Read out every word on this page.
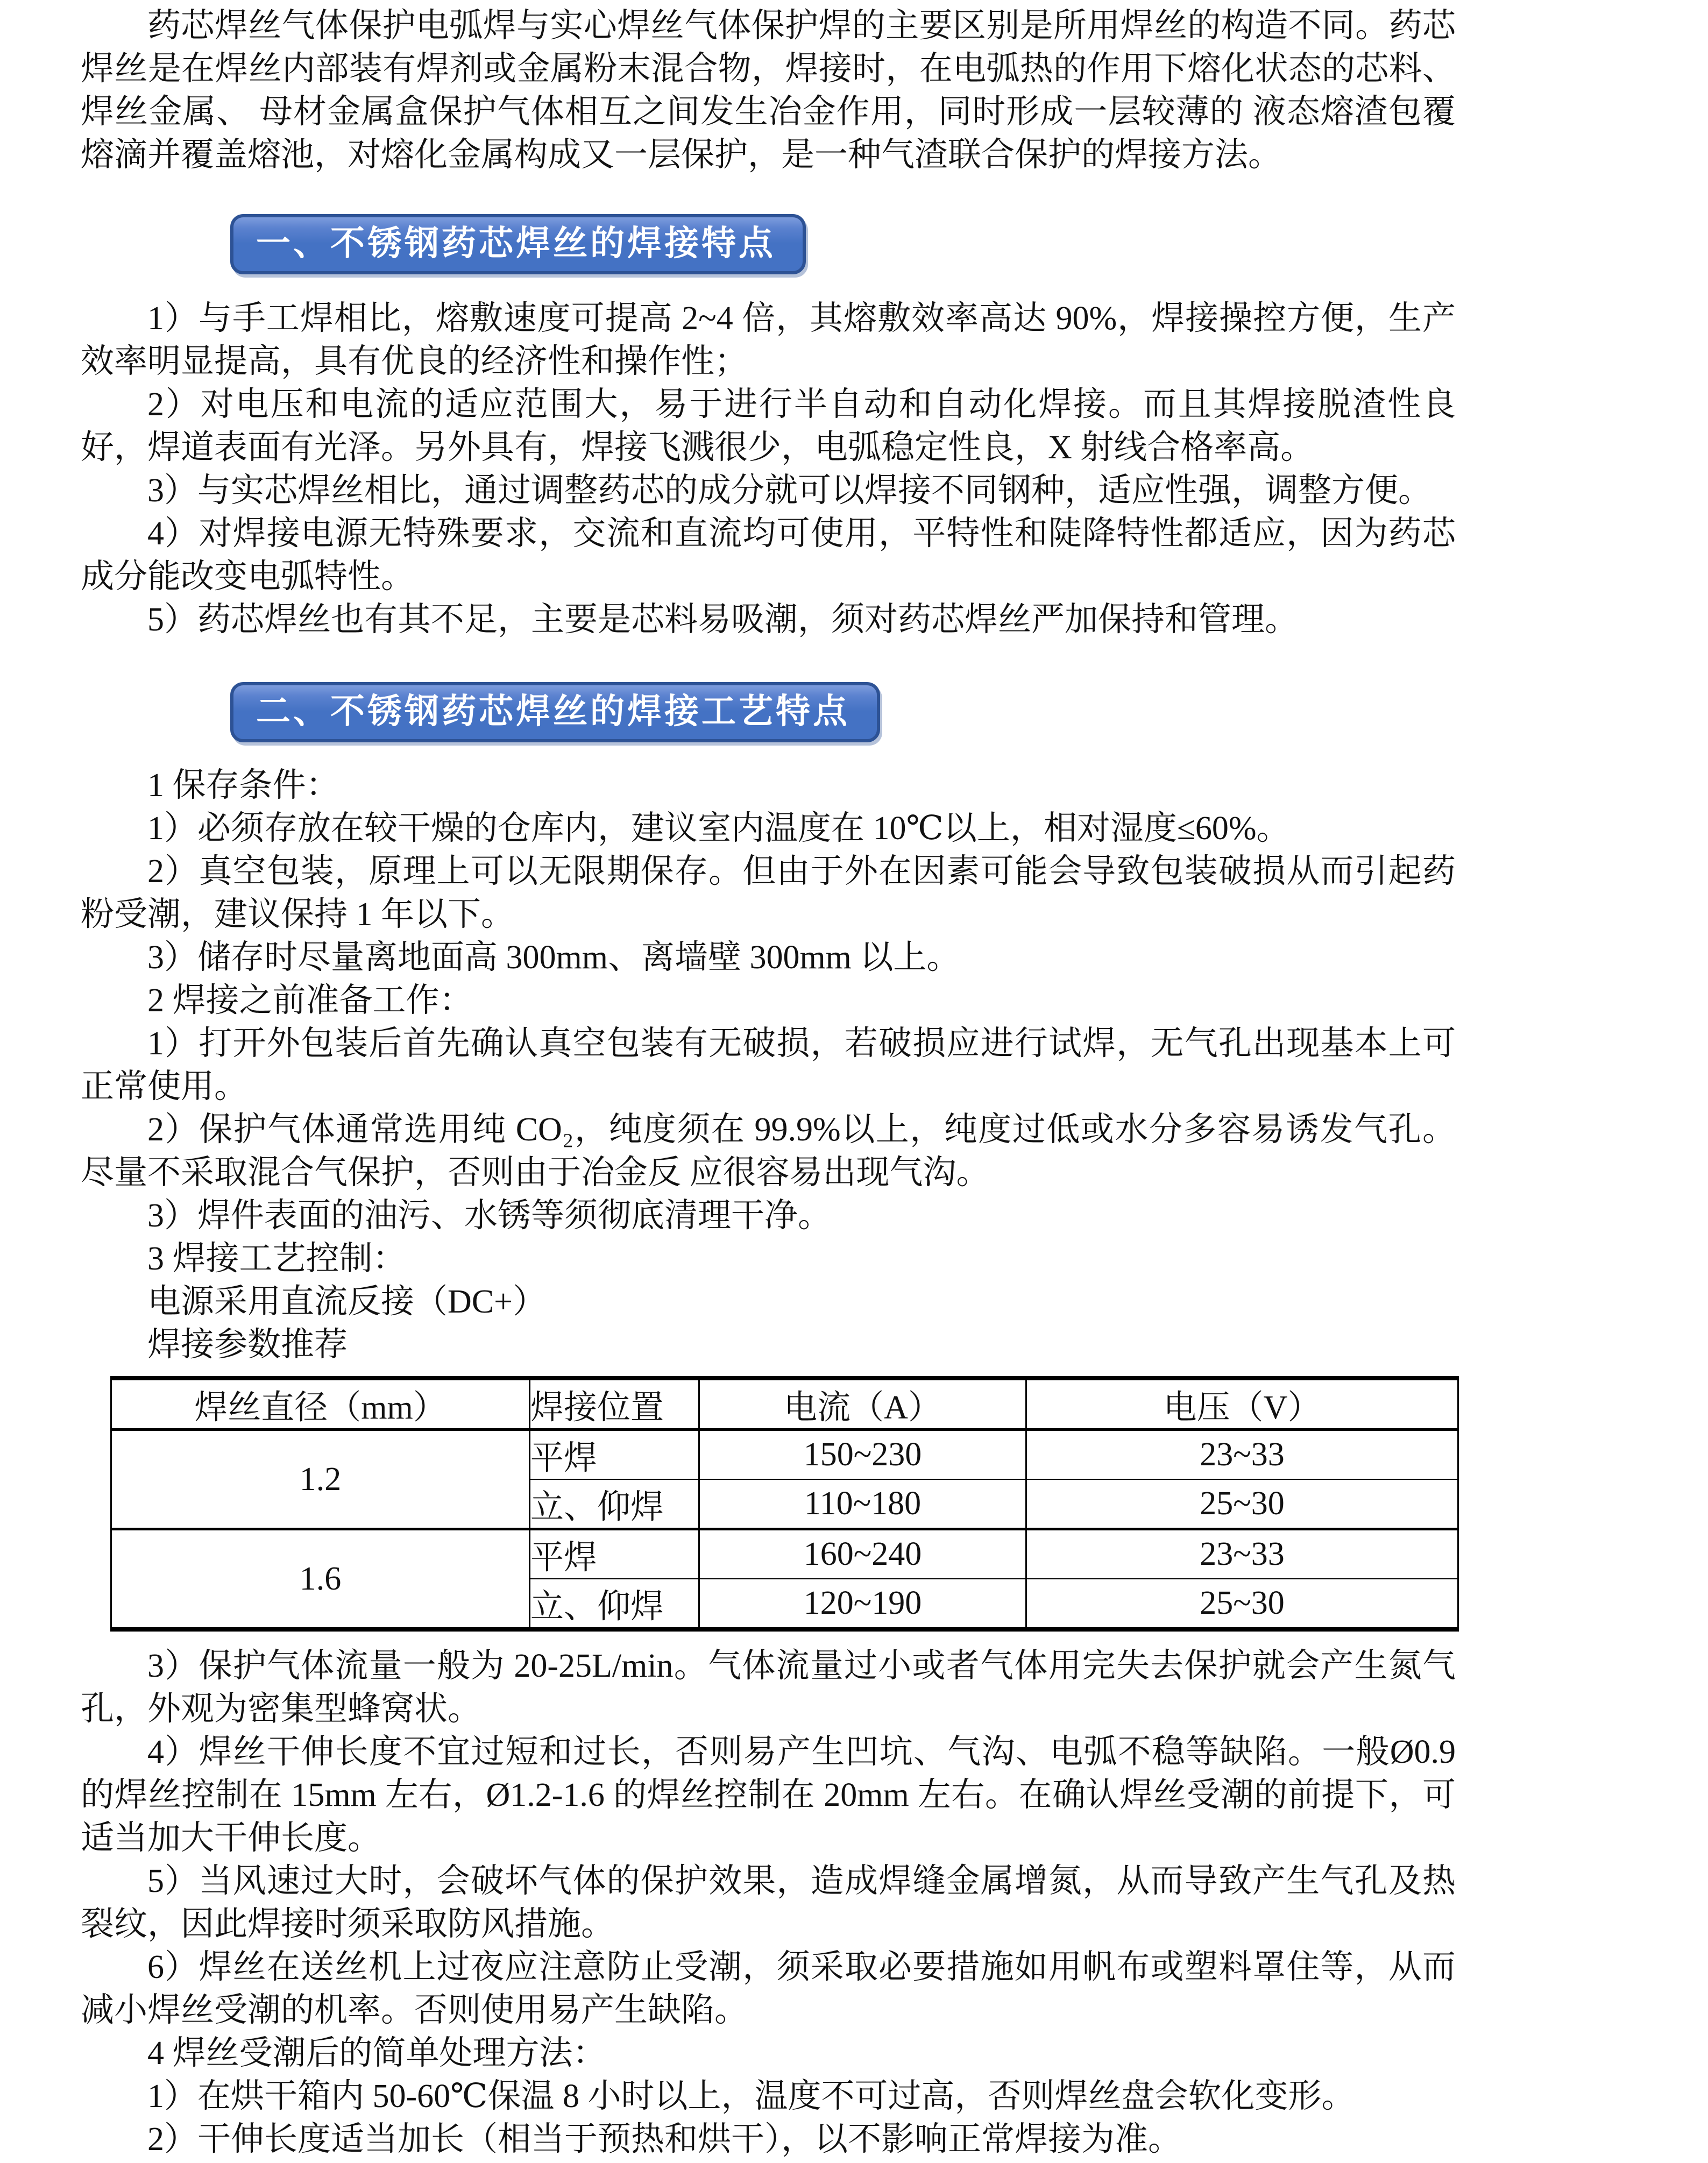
药芯焊丝气体保护电弧焊与实心焊丝气体保护焊的主要区别是所用焊丝的构造不同。药芯焊丝是在焊丝内部装有焊剂或金属粉末混合物，焊接时，在电弧热的作用下熔化状态的芯料、焊丝金属、 母材金属盒保护气体相互之间发生冶金作用，同时形成一层较薄的 液态熔渣包覆熔滴并覆盖熔池，对熔化金属构成又一层保护，是一种气渣联合保护的焊接方法。

一、不锈钢药芯焊丝的焊接特点

1）与手工焊相比，熔敷速度可提高 2~4 倍，其熔敷效率高达 90%，焊接操控方便，生产效率明显提高，具有优良的经济性和操作性；

2）对电压和电流的适应范围大，易于进行半自动和自动化焊接。而且其焊接脱渣性良好，焊道表面有光泽。另外具有，焊接飞溅很少，电弧稳定性良，X 射线合格率高。

3）与实芯焊丝相比，通过调整药芯的成分就可以焊接不同钢种，适应性强，调整方便。

4）对焊接电源无特殊要求，交流和直流均可使用，平特性和陡降特性都适应，因为药芯成分能改变电弧特性。

5）药芯焊丝也有其不足，主要是芯料易吸潮，须对药芯焊丝严加保持和管理。

二、不锈钢药芯焊丝的焊接工艺特点

1 保存条件：

1）必须存放在较干燥的仓库内，建议室内温度在 10℃以上，相对湿度≤60%。

2）真空包装，原理上可以无限期保存。但由于外在因素可能会导致包装破损从而引起药粉受潮，建议保持 1 年以下。

3）储存时尽量离地面高 300mm、离墙壁 300mm 以上。

2 焊接之前准备工作：

1）打开外包装后首先确认真空包装有无破损，若破损应进行试焊，无气孔出现基本上可正常使用。

2）保护气体通常选用纯 CO₂，纯度须在 99.9%以上，纯度过低或水分多容易诱发气孔。尽量不采取混合气保护，否则由于冶金反 应很容易出现气沟。

3）焊件表面的油污、水锈等须彻底清理干净。

3 焊接工艺控制：

电源采用直流反接（DC+）

焊接参数推荐

焊丝直径（mm）	焊接位置	电流（A）	电压（V）
1.2	平焊	150~230	23~33
	立、仰焊	110~180	25~30
1.6	平焊	160~240	23~33
	立、仰焊	120~190	25~30

3）保护气体流量一般为 20-25L/min。气体流量过小或者气体用完失去保护就会产生氮气孔，外观为密集型蜂窝状。

4）焊丝干伸长度不宜过短和过长，否则易产生凹坑、气沟、电弧不稳等缺陷。一般Ø0.9 的焊丝控制在 15mm 左右，Ø1.2-1.6 的焊丝控制在 20mm 左右。在确认焊丝受潮的前提下，可适当加大干伸长度。

5）当风速过大时，会破坏气体的保护效果，造成焊缝金属增氮，从而导致产生气孔及热裂纹，因此焊接时须采取防风措施。

6）焊丝在送丝机上过夜应注意防止受潮，须采取必要措施如用帆布或塑料罩住等，从而减小焊丝受潮的机率。否则使用易产生缺陷。

4 焊丝受潮后的简单处理方法：

1）在烘干箱内 50-60℃保温 8 小时以上，温度不可过高，否则焊丝盘会软化变形。

2）干伸长度适当加长（相当于预热和烘干），以不影响正常焊接为准。
